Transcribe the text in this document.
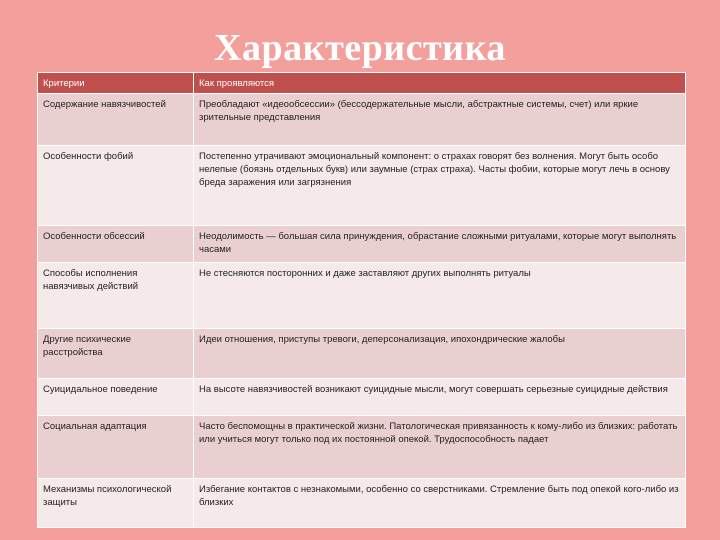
Характеристика
Критерии	Как проявляются
Содержание навязчивостей	Преобладают «идеообсессии» (бессодержательные мысли, абстрактные системы, счет) или яркие зрительные представления
Особенности фобий	Постепенно утрачивают эмоциональный компонент: о страхах говорят без волнения. Могут быть особо нелепые (боязнь отдельных букв) или заумные (страх страха). Часты фобии, которые могут лечь в основу бреда заражения или загрязнения
Особенности обсессий	Неодолимость — большая сила принуждения, обрастание сложными ритуалами, которые могут выполнять часами
Способы исполнения навязчивых действий	Не стесняются посторонних и даже заставляют других выполнять ритуалы
Другие психические расстройства	Идеи отношения, приступы тревоги, деперсонализация, ипохондрические жалобы
Суицидальное поведение	На высоте навязчивостей возникают суицидные мысли, могут совершать серьезные суицидные действия
Социальная адаптация	Часто беспомощны в практической жизни. Патологическая привязанность к кому-либо из близких: работать или учиться могут только под их постоянной опекой. Трудоспособность падает
Механизмы психологической защиты	Избегание контактов с незнакомыми, особенно со сверстниками. Стремление быть под опекой кого-либо из близких
